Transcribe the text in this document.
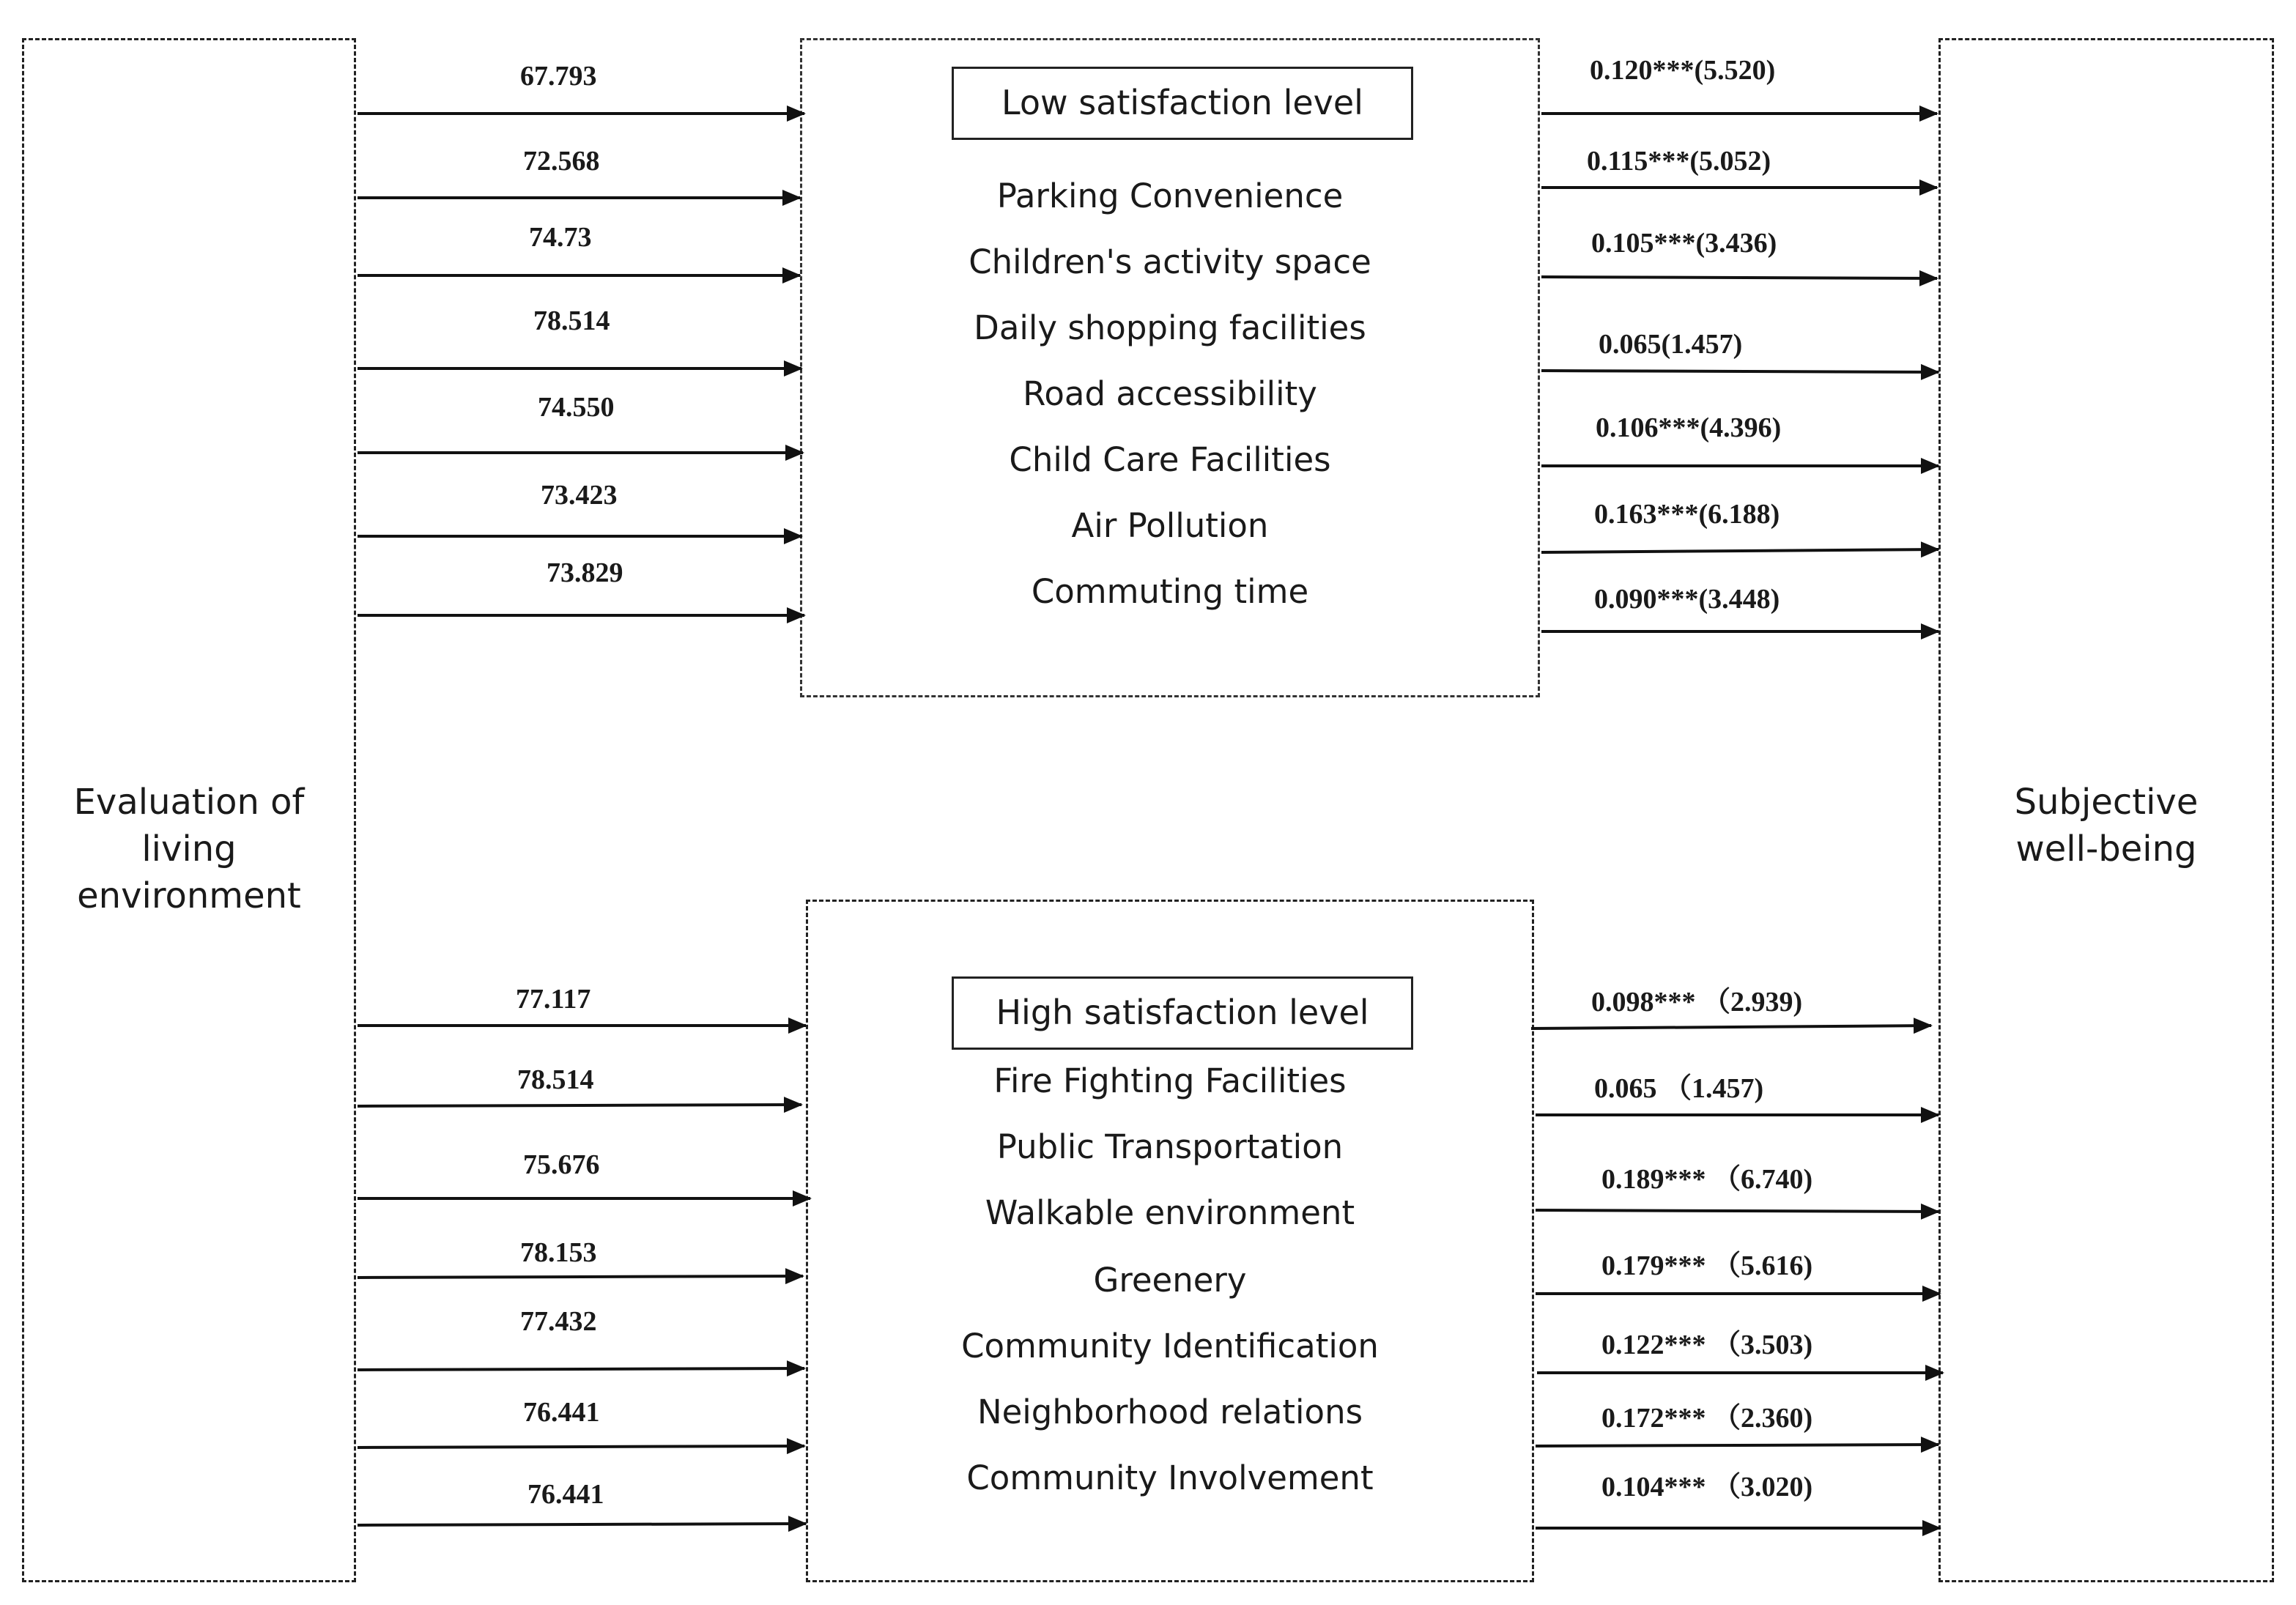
Evaluation of
living
environment
Subjective
well-being
Low satisfaction level
Parking Convenience
Children's activity space
Daily shopping facilities
Road accessibility
Child Care Facilities
Air Pollution
Commuting time
High satisfaction level
Fire Fighting Facilities
Public Transportation
Walkable environment
Greenery
Community Identification
Neighborhood relations
Community Involvement
67.793
72.568
74.73
78.514
74.550
73.423
73.829
0.120***(5.520)
0.115***(5.052)
0.105***(3.436)
0.065(1.457)
0.106***(4.396)
0.163***(6.188)
0.090***(3.448)
77.117
78.514
75.676
78.153
77.432
76.441
76.441
0.098*** （2.939)
0.065 （1.457)
0.189*** （6.740)
0.179*** （5.616)
0.122*** （3.503)
0.172*** （2.360)
0.104*** （3.020)
